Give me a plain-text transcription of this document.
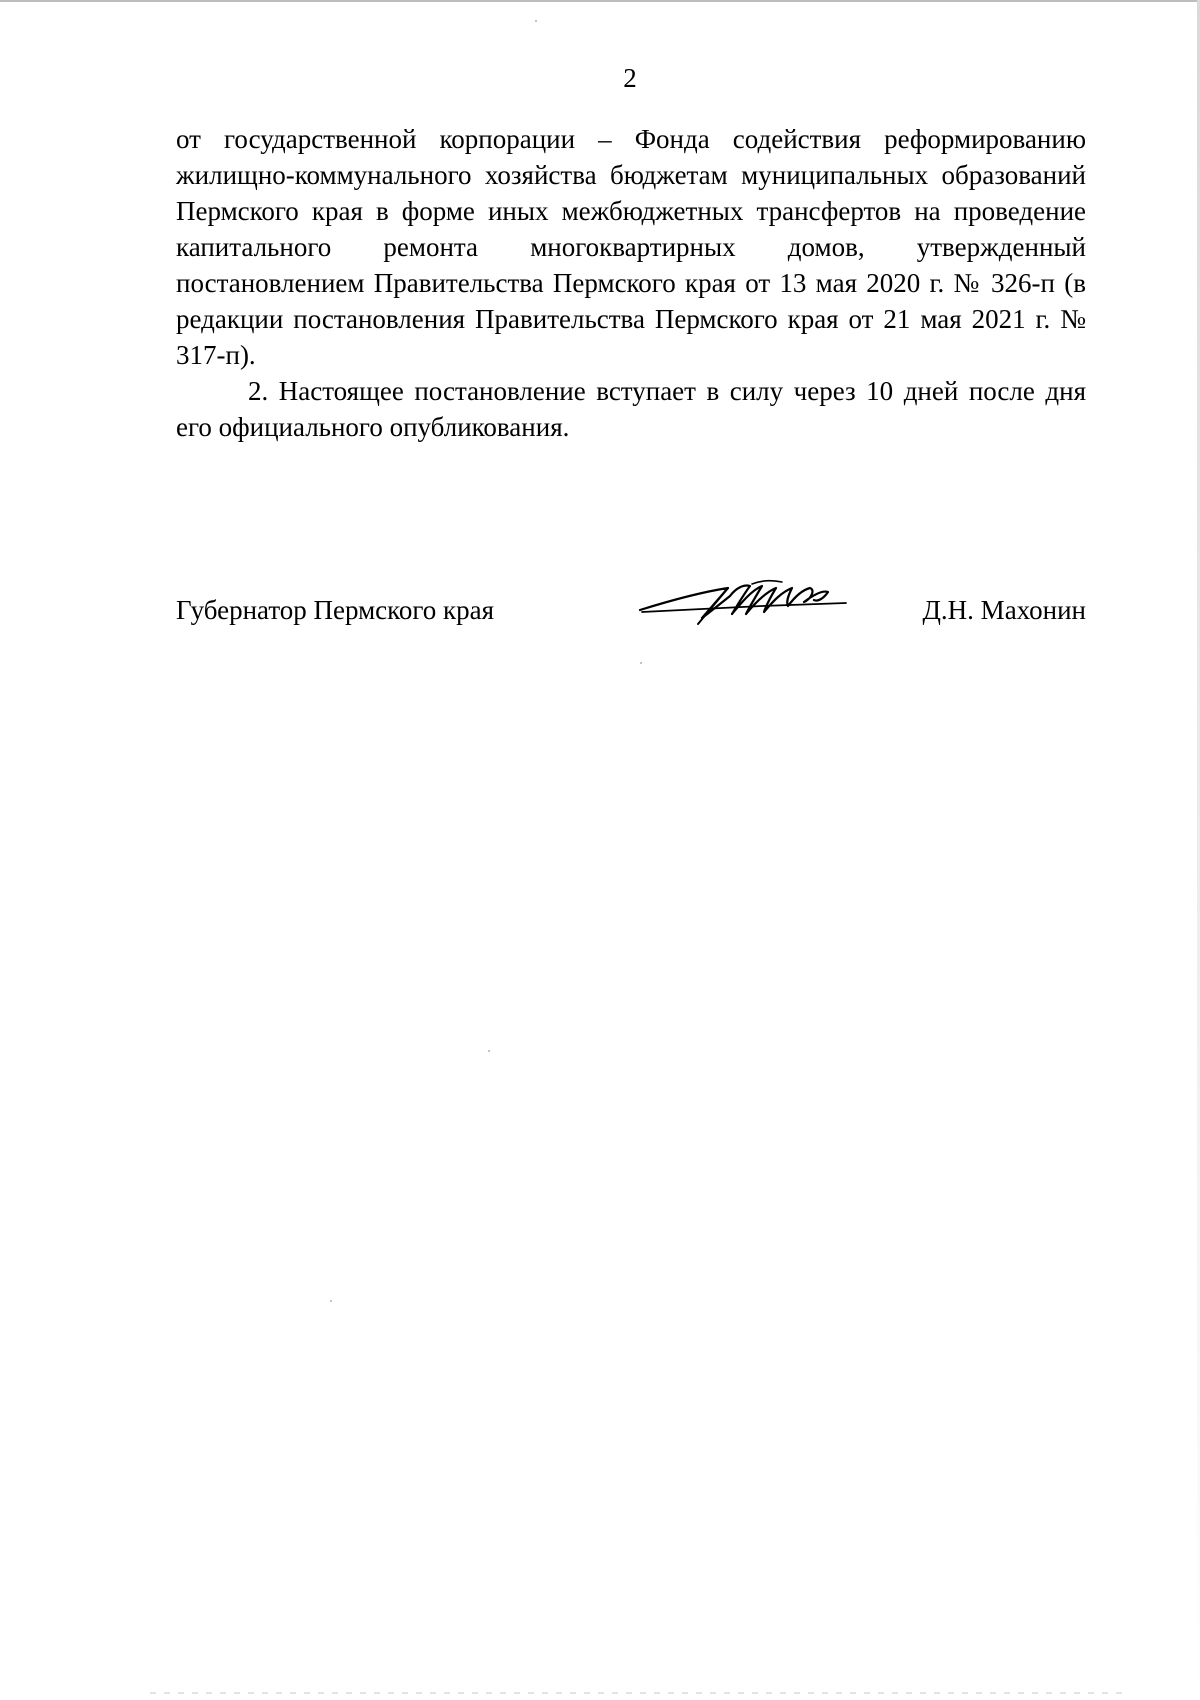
2

от государственной корпорации – Фонда содействия реформированию жилищно-коммунального хозяйства бюджетам муниципальных образований Пермского края в форме иных межбюджетных трансфертов на проведение капитального ремонта многоквартирных домов, утвержденный постановлением Правительства Пермского края от 13 мая 2020 г. № 326-п (в редакции постановления Правительства Пермского края от 21 мая 2021 г. № 317-п).

2. Настоящее постановление вступает в силу через 10 дней после дня его официального опубликования.

Губернатор Пермского края	Д.Н. Махонин
